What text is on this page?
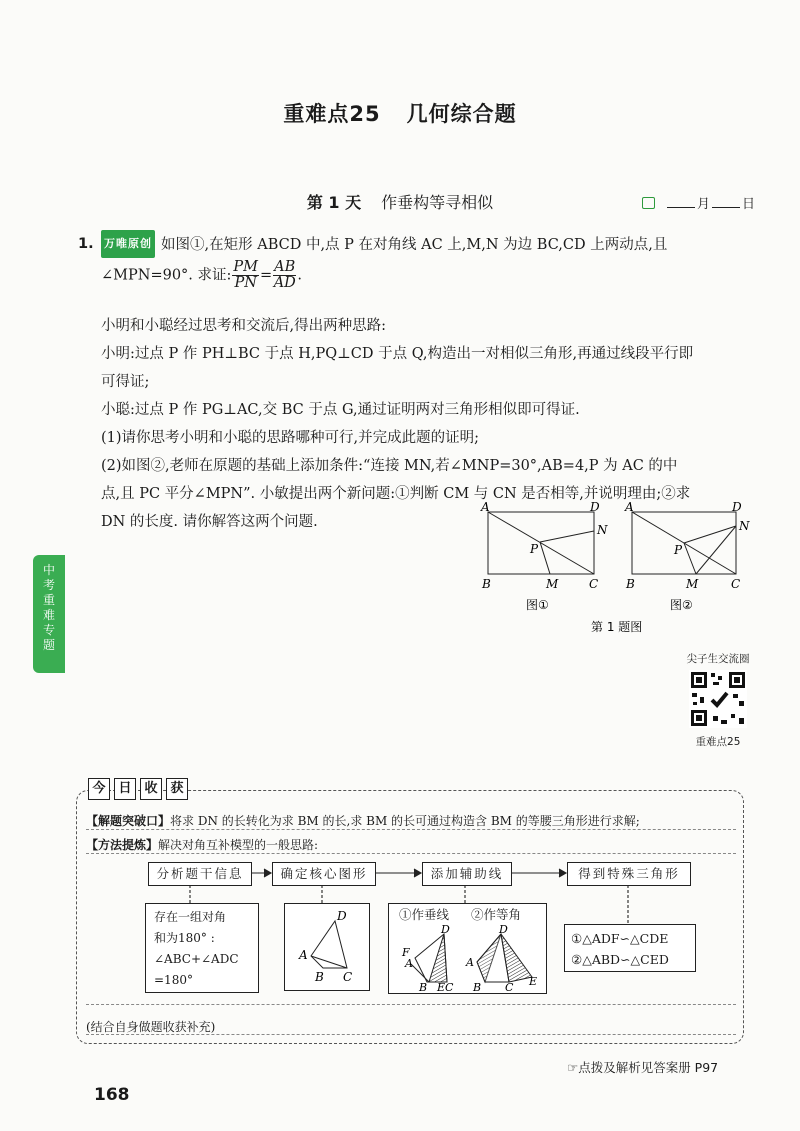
重难点25 几何综合题
第 1 天 作垂构等寻相似	月 日
1. 万唯原创 如图①,在矩形 ABCD 中,点 P 在对角线 AC 上,M,N 为边 BC,CD 上两动点,且
∠MPN=90°. 求证: $\frac{PM}{PN} = \frac{AB}{AD}$ .
小明和小聪经过思考和交流后,得出两种思路:
小明:过点 P 作 PH⊥BC 于点 H,PQ⊥CD 于点 Q,构造出一对相似三角形,再通过线段平行即
可得证;
小聪:过点 P 作 PG⊥AC,交 BC 于点 G,通过证明两对三角形相似即可得证.
(1)请你思考小明和小聪的思路哪种可行,并完成此题的证明;
(2)如图②,老师在原题的基础上添加条件:“连接 MN,若∠MNP=30°,AB=4,P 为 AC 的中
点,且 PC 平分∠MPN”. 小敏提出两个新问题:①判断 CM 与 CN 是否相等,并说明理由;②求
DN 的长度. 请你解答这两个问题.
A	D
B	C
M
N
P
A	D
B	C
M
N
P
图①	图②
第 1 题图
中
考
重
难
专
题
尖子生交流圈
重难点25
今 日 收 获
【解题突破口】将求 DN 的长转化为求 BM 的长,求 BM 的长可通过构造含 BM 的等腰三角形进行求解;
【方法提炼】解决对角互补模型的一般思路:
分析题干信息	确定核心图形	添加辅助线	得到特殊三角形
存在一组对角
和为180° :
∠ABC+∠ADC
=180°
D
A
B C
①作垂线 ②作等角
D
F
A
B EC
D
A
B C E
①△ADF∽△CDE
②△ABD∽△CED
(结合自身做题收获补充)
☞点拨及解析见答案册 P97
168
